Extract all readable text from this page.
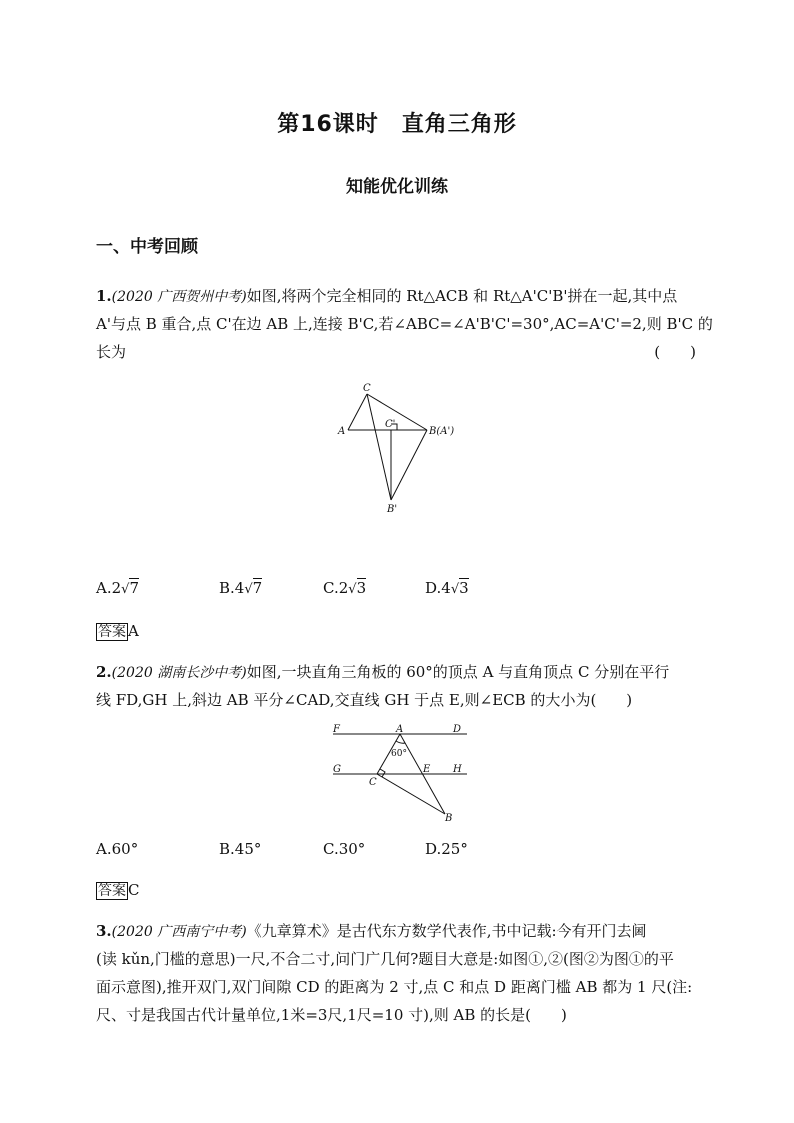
第16课时　直角三角形
知能优化训练
一、中考回顾
1.(2020 广西贺州中考)如图,将两个完全相同的 Rt△ACB 和 Rt△A'C'B'拼在一起,其中点
A'与点 B 重合,点 C'在边 AB 上,连接 B'C,若∠ABC=∠A'B'C'=30°,AC=A'C'=2,则 B'C 的
长为	(　　)
C
A
C'
B(A')
B'
A.2√7	B.4√7	C.2√3	D.4√3
答案 A
2.(2020 湖南长沙中考)如图,一块直角三角板的 60°的顶点 A 与直角顶点 C 分别在平行
线 FD,GH 上,斜边 AB 平分∠CAD,交直线 GH 于点 E,则∠ECB 的大小为(　　)
F	A	D
60°
G	E H
C
B
A.60°	B.45°	C.30°	D.25°
答案 C
3.(2020 广西南宁中考)《九章算术》是古代东方数学代表作,书中记载:今有开门去阃
(读 kǔn,门槛的意思)一尺,不合二寸,问门广几何?题目大意是:如图①,②(图②为图①的平
面示意图),推开双门,双门间隙 CD 的距离为 2 寸,点 C 和点 D 距离门槛 AB 都为 1 尺(注:
尺、寸是我国古代计量单位,1米=3尺,1尺=10 寸),则 AB 的长是(　　)
